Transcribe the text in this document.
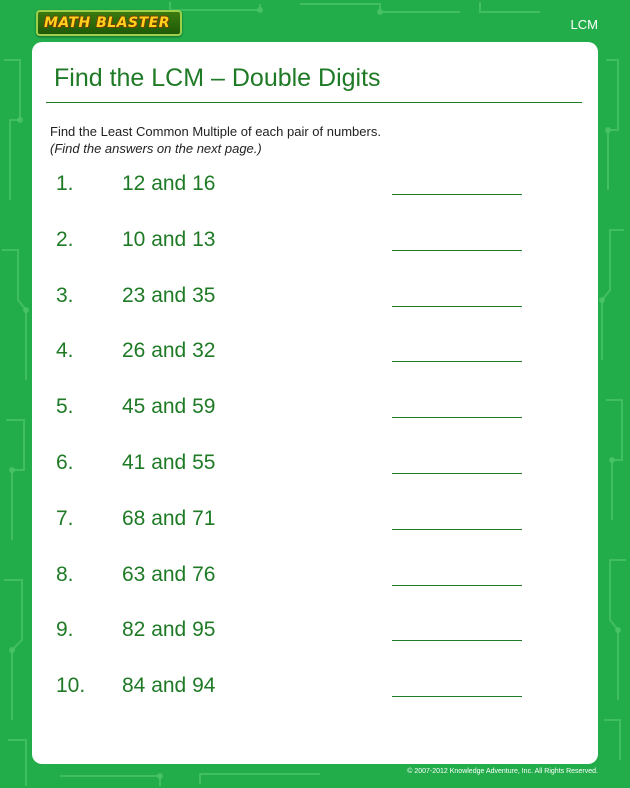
MATH BLASTER	LCM
Find the LCM – Double Digits
Find the Least Common Multiple of each pair of numbers.
(Find the answers on the next page.)
1. 12 and 16
2. 10 and 13
3. 23 and 35
4. 26 and 32
5. 45 and 59
6. 41 and 55
7. 68 and 71
8. 63 and 76
9. 82 and 95
10. 84 and 94
© 2007-2012 Knowledge Adventure, Inc. All Rights Reserved.
